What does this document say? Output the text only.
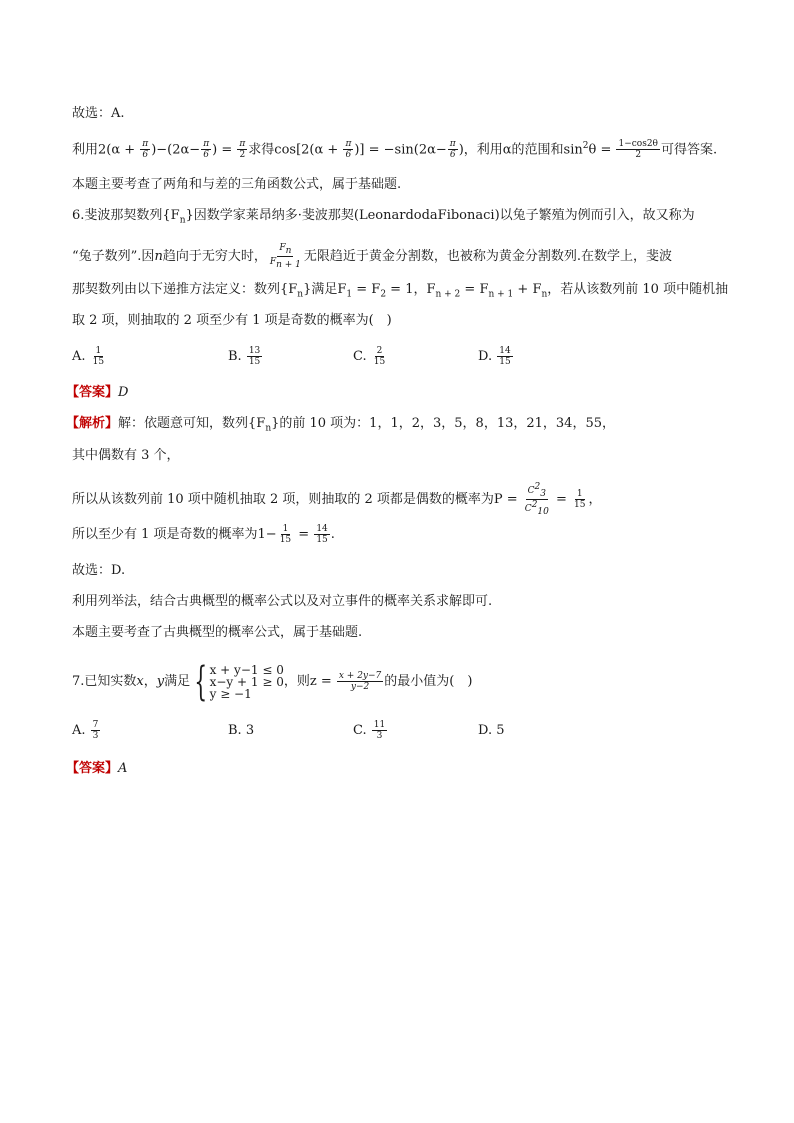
故选：A.
利用$2(\alpha + \frac{\pi}{6} )-(2\alpha- \frac{\pi}{6}$ ) = $\frac{\pi}{2}$ 求得$\cos[2(\alpha + \frac{\pi}{6}$ )] = $-\sin(2\alpha- \frac{\pi}{6}$ )，利用α的范围和$\sin^2\theta = \frac{1-\cos 2\theta}{2}$ 可得答案.
本题主要考查了两角和与差的三角函数公式，属于基础题.
6.斐波那契数列$\{F_n\}$因数学家莱昂纳多·斐波那契(LeonardodaFibonaci)以兔子繁殖为例而引入，故又称为
“兔子数列”.因n趋向于无穷大时， $\frac{Fn}{Fn + 1}$ 无限趋近于黄金分割数，也被称为黄金分割数列.在数学上，斐波
那契数列由以下递推方法定义：数列$\{F_n\}$满足$F_1 = F_2 = 1$，$F_{n + 2} = F_{n + 1} + F_n$，若从该数列前 10 项中随机抽
取 2 项，则抽取的 2 项至少有 1 项是奇数的概率为(　)
A. $\frac{1}{15}$	B. $\frac{13}{15}$	C. $\frac{2}{15}$	D. $\frac{14}{15}$
【答案】D
【解析】解：依题意可知，数列$\{F_n\}$的前 10 项为：1，1，2，3，5，8，13，21，34，55，
其中偶数有 3 个，
所以从该数列前 10 项中随机抽取 2 项，则抽取的 2 项都是偶数的概率为$P = \frac{C23}{C210} = \frac{1}{15}$ ，
所以至少有 1 项是奇数的概率为$1- \frac{1}{15} = \frac{14}{15}$ .
故选：D.
利用列举法，结合古典概型的概率公式以及对立事件的概率关系求解即可.
本题主要考查了古典概型的概率公式，属于基础题.
7.已知实数x，y满足 { x + y−1 ≤ 0
x−y + 1 ≥ 0
y ≥ −1
，则$z = \frac{x + 2y-7}{y-2}$ 的最小值为(　)
A. $\frac{7}{3}$	B. 3	C. $\frac{11}{3}$	D. 5
【答案】A
